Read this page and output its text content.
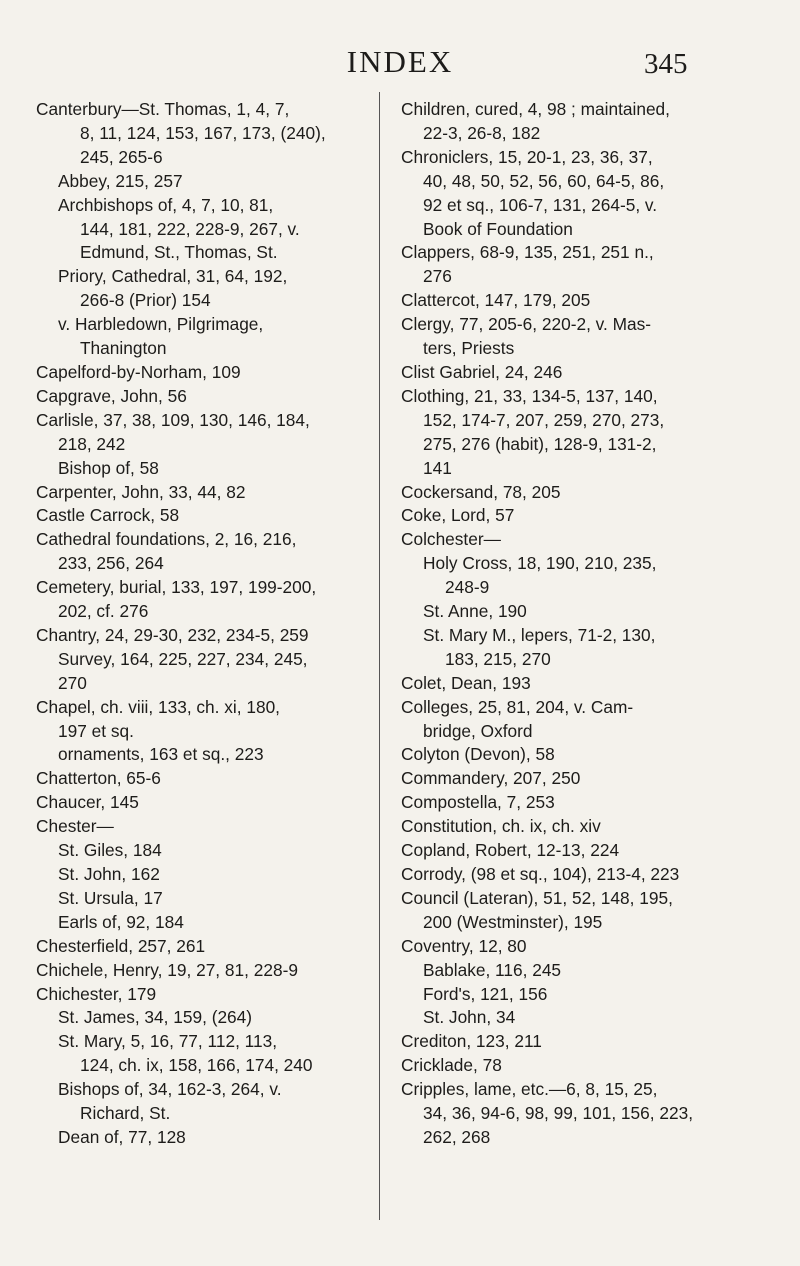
INDEX	345
Canterbury—St. Thomas, 1, 4, 7,
8, 11, 124, 153, 167, 173, (240),
245, 265-6
Abbey, 215, 257
Archbishops of, 4, 7, 10, 81,
144, 181, 222, 228-9, 267, v.
Edmund, St., Thomas, St.
Priory, Cathedral, 31, 64, 192,
266-8 (Prior) 154
v. Harbledown, Pilgrimage,
Thanington
Capelford-by-Norham, 109
Capgrave, John, 56
Carlisle, 37, 38, 109, 130, 146, 184,
218, 242
Bishop of, 58
Carpenter, John, 33, 44, 82
Castle Carrock, 58
Cathedral foundations, 2, 16, 216,
233, 256, 264
Cemetery, burial, 133, 197, 199-200,
202, cf. 276
Chantry, 24, 29-30, 232, 234-5, 259
Survey, 164, 225, 227, 234, 245,
270
Chapel, ch. viii, 133, ch. xi, 180,
197 et sq.
ornaments, 163 et sq., 223
Chatterton, 65-6
Chaucer, 145
Chester—
St. Giles, 184
St. John, 162
St. Ursula, 17
Earls of, 92, 184
Chesterfield, 257, 261
Chichele, Henry, 19, 27, 81, 228-9
Chichester, 179
St. James, 34, 159, (264)
St. Mary, 5, 16, 77, 112, 113,
124, ch. ix, 158, 166, 174, 240
Bishops of, 34, 162-3, 264, v.
Richard, St.
Dean of, 77, 128
Children, cured, 4, 98 ; maintained,
22-3, 26-8, 182
Chroniclers, 15, 20-1, 23, 36, 37,
40, 48, 50, 52, 56, 60, 64-5, 86,
92 et sq., 106-7, 131, 264-5, v.
Book of Foundation
Clappers, 68-9, 135, 251, 251 n.,
276
Clattercot, 147, 179, 205
Clergy, 77, 205-6, 220-2, v. Mas-
ters, Priests
Clist Gabriel, 24, 246
Clothing, 21, 33, 134-5, 137, 140,
152, 174-7, 207, 259, 270, 273,
275, 276 (habit), 128-9, 131-2,
141
Cockersand, 78, 205
Coke, Lord, 57
Colchester—
Holy Cross, 18, 190, 210, 235,
248-9
St. Anne, 190
St. Mary M., lepers, 71-2, 130,
183, 215, 270
Colet, Dean, 193
Colleges, 25, 81, 204, v. Cam-
bridge, Oxford
Colyton (Devon), 58
Commandery, 207, 250
Compostella, 7, 253
Constitution, ch. ix, ch. xiv
Copland, Robert, 12-13, 224
Corrody, (98 et sq., 104), 213-4, 223
Council (Lateran), 51, 52, 148, 195,
200 (Westminster), 195
Coventry, 12, 80
Bablake, 116, 245
Ford's, 121, 156
St. John, 34
Crediton, 123, 211
Cricklade, 78
Cripples, lame, etc.—6, 8, 15, 25,
34, 36, 94-6, 98, 99, 101, 156, 223,
262, 268
